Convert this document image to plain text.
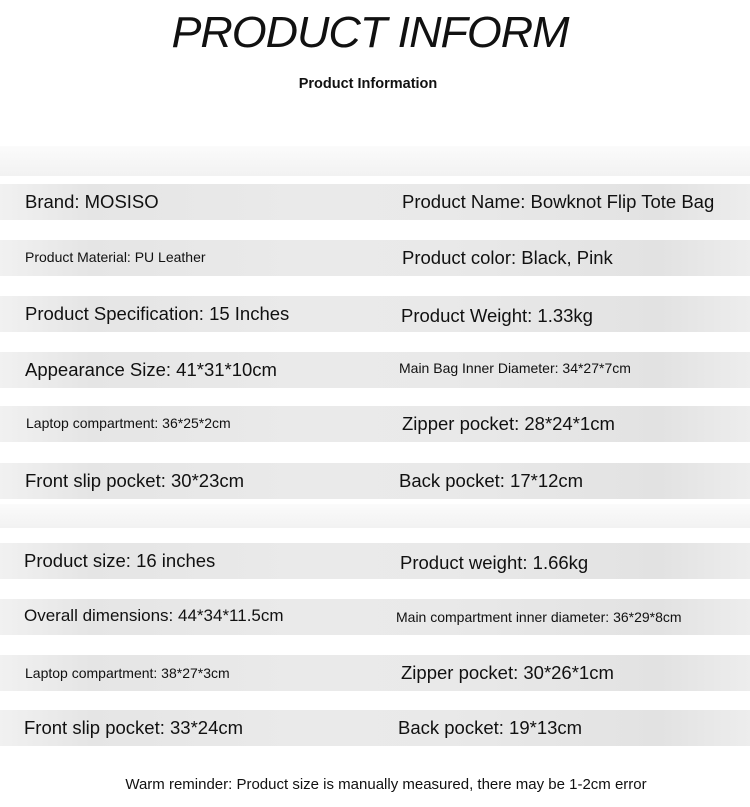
PRODUCT INFORM
Product Information
Brand: MOSISO	Product Name: Bowknot Flip Tote Bag
Product Material: PU Leather	Product color: Black, Pink
Product Specification: 15 Inches	Product Weight: 1.33kg
Appearance Size: 41*31*10cm	Main Bag Inner Diameter: 34*27*7cm
Laptop compartment: 36*25*2cm	Zipper pocket: 28*24*1cm
Front slip pocket: 30*23cm	Back pocket: 17*12cm
Product size: 16 inches	Product weight: 1.66kg
Overall dimensions: 44*34*11.5cm	Main compartment inner diameter: 36*29*8cm
Laptop compartment: 38*27*3cm	Zipper pocket: 30*26*1cm
Front slip pocket: 33*24cm	Back pocket: 19*13cm
Warm reminder: Product size is manually measured, there may be 1-2cm error
